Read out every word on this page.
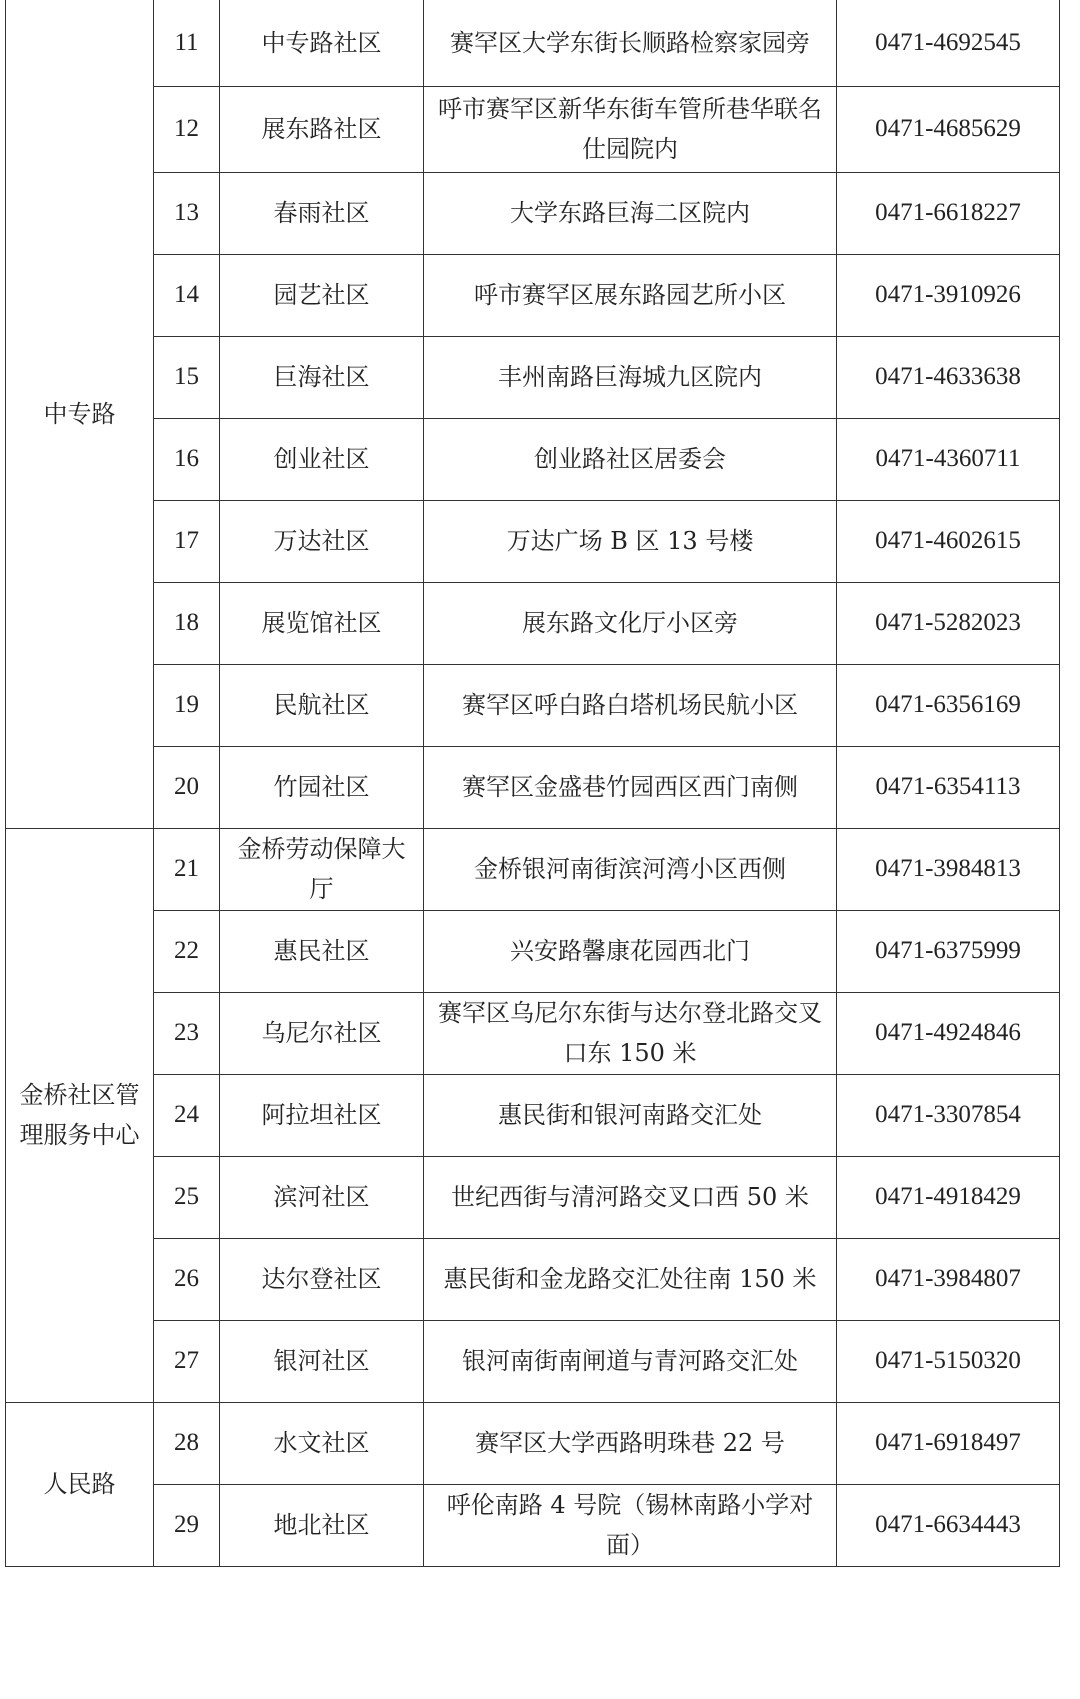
中专路	11	中专路社区	赛罕区大学东街长顺路检察家园旁	0471-4692545
	12	展东路社区	呼市赛罕区新华东街车管所巷华联名仕园院内	0471-4685629
	13	春雨社区	大学东路巨海二区院内	0471-6618227
	14	园艺社区	呼市赛罕区展东路园艺所小区	0471-3910926
	15	巨海社区	丰州南路巨海城九区院内	0471-4633638
	16	创业社区	创业路社区居委会	0471-4360711
	17	万达社区	万达广场 B 区 13 号楼	0471-4602615
	18	展览馆社区	展东路文化厅小区旁	0471-5282023
	19	民航社区	赛罕区呼白路白塔机场民航小区	0471-6356169
	20	竹园社区	赛罕区金盛巷竹园西区西门南侧	0471-6354113
金桥社区管理服务中心	21	金桥劳动保障大厅	金桥银河南街滨河湾小区西侧	0471-3984813
	22	惠民社区	兴安路馨康花园西北门	0471-6375999
	23	乌尼尔社区	赛罕区乌尼尔东街与达尔登北路交叉口东 150 米	0471-4924846
	24	阿拉坦社区	惠民街和银河南路交汇处	0471-3307854
	25	滨河社区	世纪西街与清河路交叉口西 50 米	0471-4918429
	26	达尔登社区	惠民街和金龙路交汇处往南 150 米	0471-3984807
	27	银河社区	银河南街南闸道与青河路交汇处	0471-5150320
人民路	28	水文社区	赛罕区大学西路明珠巷 22 号	0471-6918497
	29	地北社区	呼伦南路 4 号院（锡林南路小学对面）	0471-6634443
